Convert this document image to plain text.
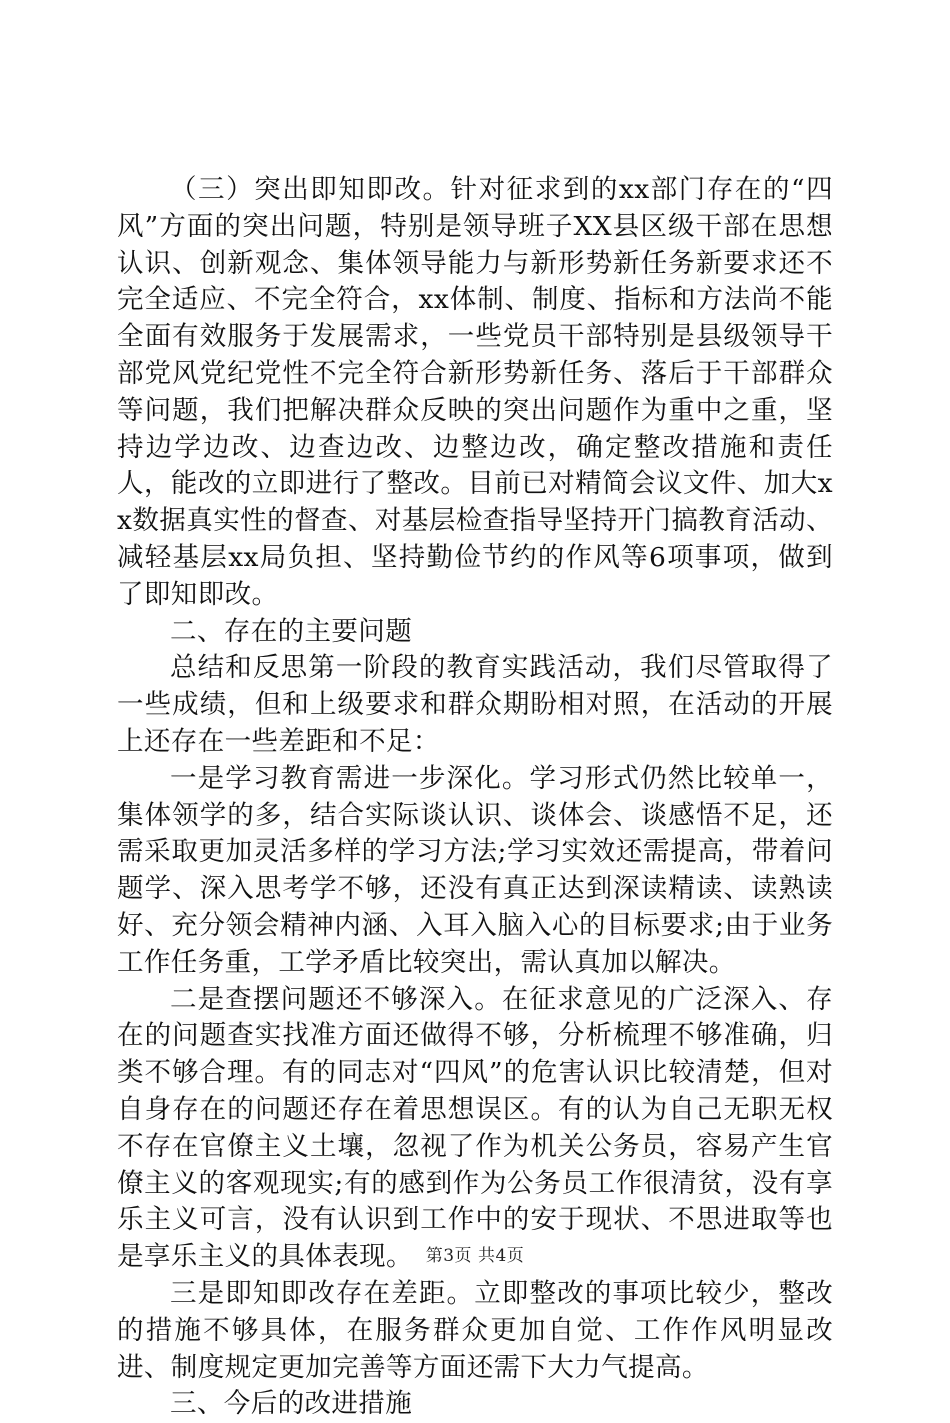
（三）突出即知即改。针对征求到的xx部门存在的“四风”方面的突出问题，特别是领导班子XX县区级干部在思想认识、创新观念、集体领导能力与新形势新任务新要求还不完全适应、不完全符合，xx体制、制度、指标和方法尚不能全面有效服务于发展需求，一些党员干部特别是县级领导干部党风党纪党性不完全符合新形势新任务、落后于干部群众等问题，我们把解决群众反映的突出问题作为重中之重，坚持边学边改、边查边改、边整边改，确定整改措施和责任人，能改的立即进行了整改。目前已对精简会议文件、加大xx数据真实性的督查、对基层检查指导坚持开门搞教育活动、减轻基层xx局负担、坚持勤俭节约的作风等6项事项，做到了即知即改。

二、存在的主要问题

总结和反思第一阶段的教育实践活动，我们尽管取得了一些成绩，但和上级要求和群众期盼相对照，在活动的开展上还存在一些差距和不足：

一是学习教育需进一步深化。学习形式仍然比较单一，集体领学的多，结合实际谈认识、谈体会、谈感悟不足，还需采取更加灵活多样的学习方法;学习实效还需提高，带着问题学、深入思考学不够，还没有真正达到深读精读、读熟读好、充分领会精神内涵、入耳入脑入心的目标要求;由于业务工作任务重，工学矛盾比较突出，需认真加以解决。

二是查摆问题还不够深入。在征求意见的广泛深入、存在的问题查实找准方面还做得不够，分析梳理不够准确，归类不够合理。有的同志对“四风”的危害认识比较清楚，但对自身存在的问题还存在着思想误区。有的认为自己无职无权不存在官僚主义土壤，忽视了作为机关公务员，容易产生官僚主义的客观现实;有的感到作为公务员工作很清贫，没有享乐主义可言，没有认识到工作中的安于现状、不思进取等也是享乐主义的具体表现。

三是即知即改存在差距。立即整改的事项比较少，整改的措施不够具体，在服务群众更加自觉、工作作风明显改进、制度规定更加完善等方面还需下大力气提高。

三、今后的改进措施

第3页 共4页
